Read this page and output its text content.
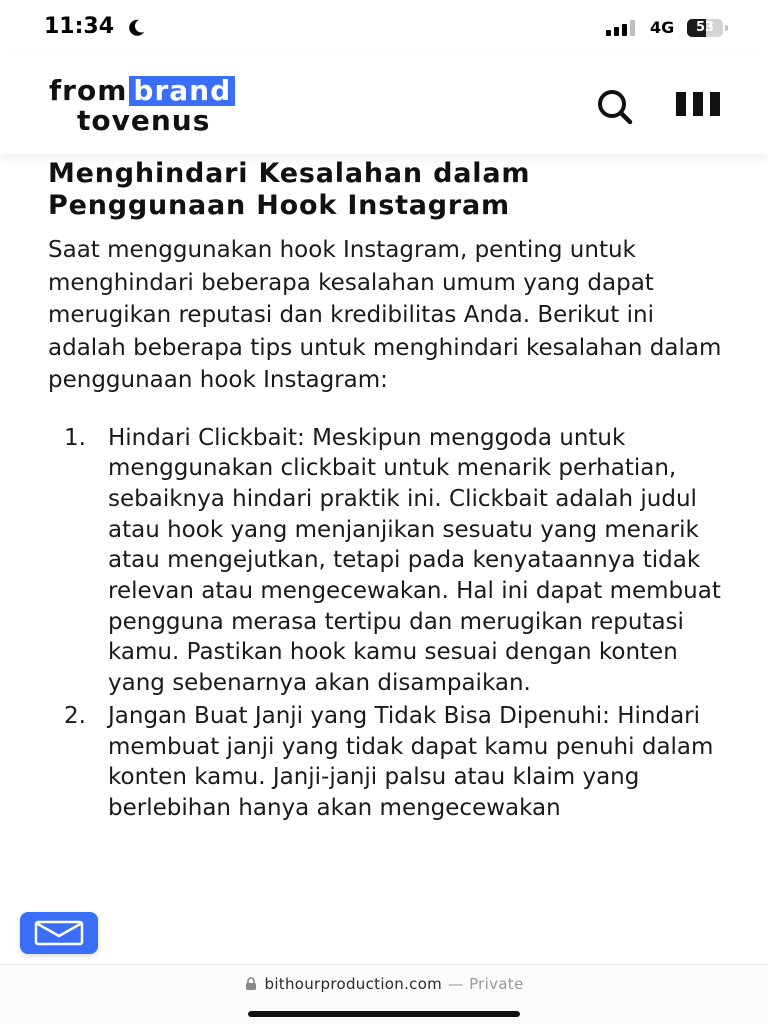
11:34	4G	53
from brand
tovenus
Menghindari Kesalahan dalam Penggunaan Hook Instagram

Saat menggunakan hook Instagram, penting untuk menghindari beberapa kesalahan umum yang dapat merugikan reputasi dan kredibilitas Anda. Berikut ini adalah beberapa tips untuk menghindari kesalahan dalam penggunaan hook Instagram:

1. Hindari Clickbait: Meskipun menggoda untuk menggunakan clickbait untuk menarik perhatian, sebaiknya hindari praktik ini. Clickbait adalah judul atau hook yang menjanjikan sesuatu yang menarik atau mengejutkan, tetapi pada kenyataannya tidak relevan atau mengecewakan. Hal ini dapat membuat pengguna merasa tertipu dan merugikan reputasi kamu. Pastikan hook kamu sesuai dengan konten yang sebenarnya akan disampaikan.
2. Jangan Buat Janji yang Tidak Bisa Dipenuhi: Hindari membuat janji yang tidak dapat kamu penuhi dalam konten kamu. Janji-janji palsu atau klaim yang berlebihan hanya akan mengecewakan
bithourproduction.com — Private
